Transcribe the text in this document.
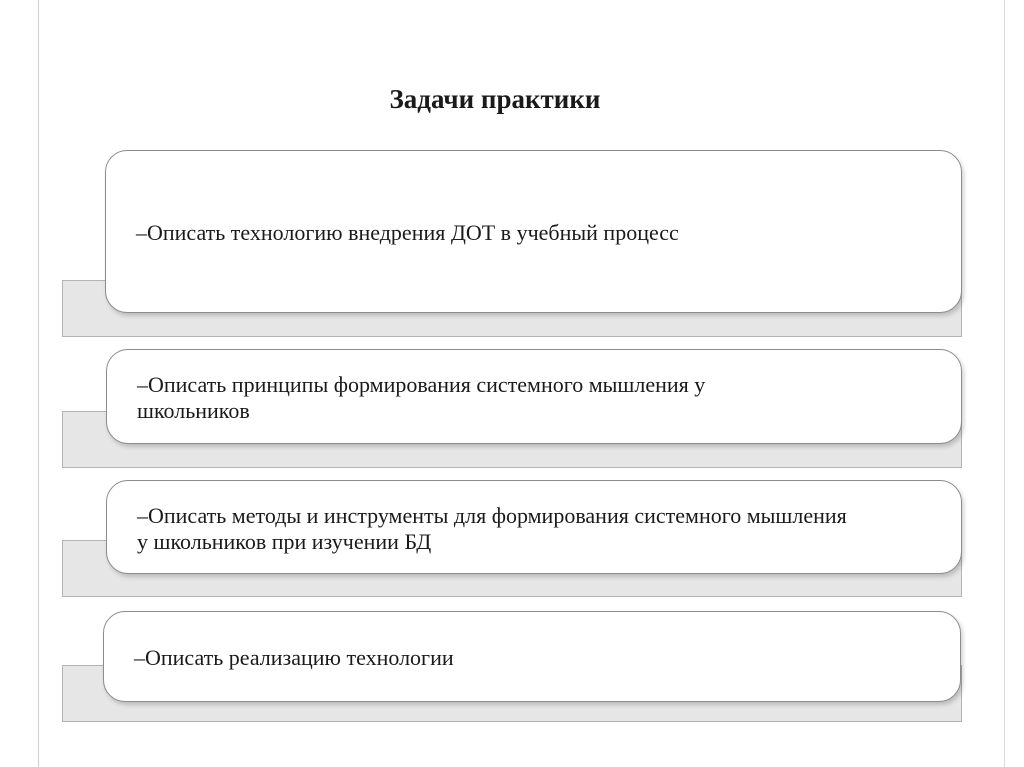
Задачи практики
–Описать технологию внедрения ДОТ в учебный процесс
–Описать принципы формирования системного мышления у школьников
–Описать методы и инструменты для формирования системного мышления у школьников при изучении БД
–Описать реализацию технологии
